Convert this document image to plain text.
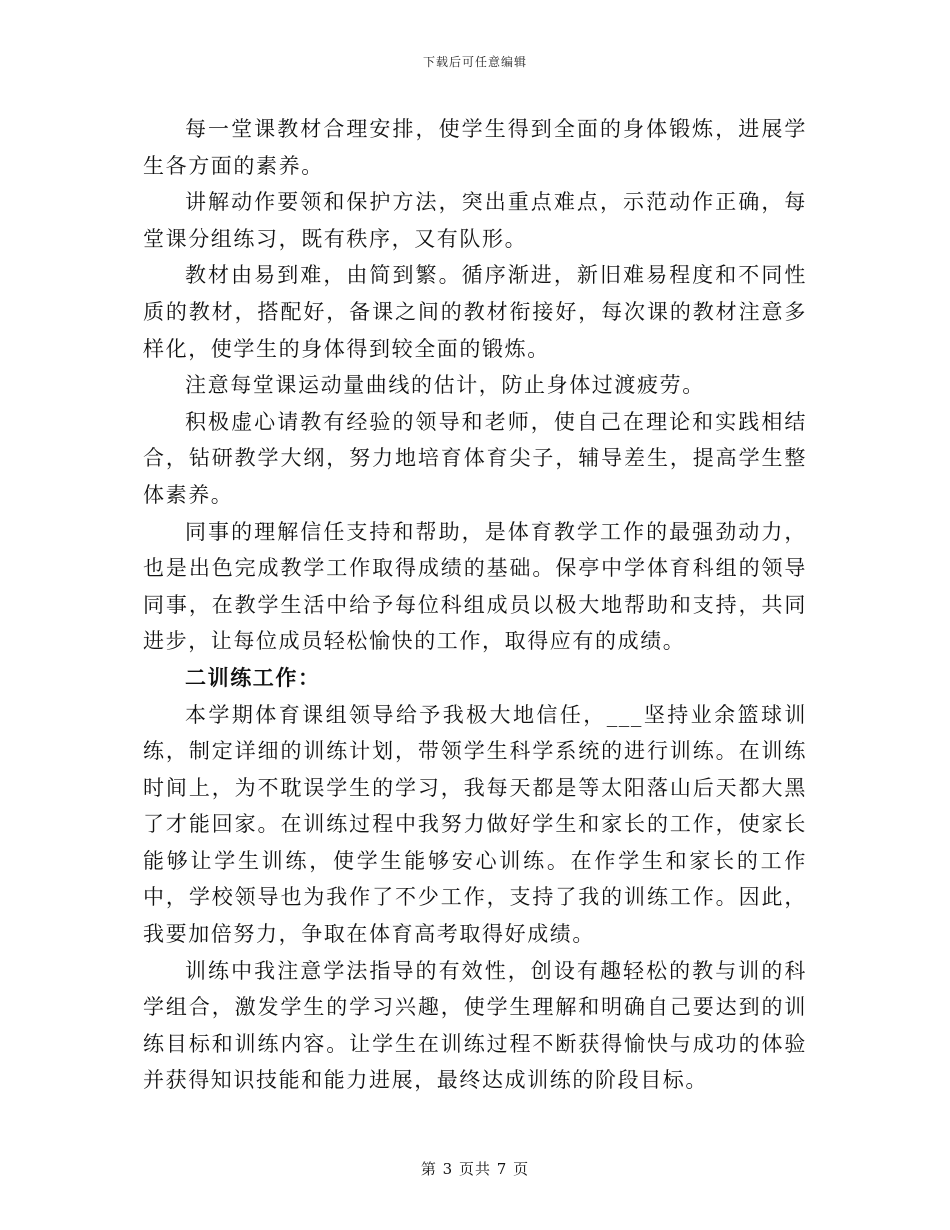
下载后可任意编辑

每一堂课教材合理安排，使学生得到全面的身体锻炼，进展学生各方面的素养。

讲解动作要领和保护方法，突出重点难点，示范动作正确，每堂课分组练习，既有秩序，又有队形。

教材由易到难，由简到繁。循序渐进，新旧难易程度和不同性质的教材，搭配好，备课之间的教材衔接好，每次课的教材注意多样化，使学生的身体得到较全面的锻炼。

注意每堂课运动量曲线的估计，防止身体过渡疲劳。

积极虚心请教有经验的领导和老师，使自己在理论和实践相结合，钻研教学大纲，努力地培育体育尖子，辅导差生，提高学生整体素养。

同事的理解信任支持和帮助，是体育教学工作的最强劲动力，也是出色完成教学工作取得成绩的基础。保亭中学体育科组的领导同事，在教学生活中给予每位科组成员以极大地帮助和支持，共同进步，让每位成员轻松愉快的工作，取得应有的成绩。

二训练工作：

本学期体育课组领导给予我极大地信任，___坚持业余篮球训练，制定详细的训练计划，带领学生科学系统的进行训练。在训练时间上，为不耽误学生的学习，我每天都是等太阳落山后天都大黑了才能回家。在训练过程中我努力做好学生和家长的工作，使家长能够让学生训练，使学生能够安心训练。在作学生和家长的工作中，学校领导也为我作了不少工作，支持了我的训练工作。因此，我要加倍努力，争取在体育高考取得好成绩。

训练中我注意学法指导的有效性，创设有趣轻松的教与训的科学组合，激发学生的学习兴趣，使学生理解和明确自己要达到的训练目标和训练内容。让学生在训练过程不断获得愉快与成功的体验并获得知识技能和能力进展，最终达成训练的阶段目标。

第 3 页共 7 页
